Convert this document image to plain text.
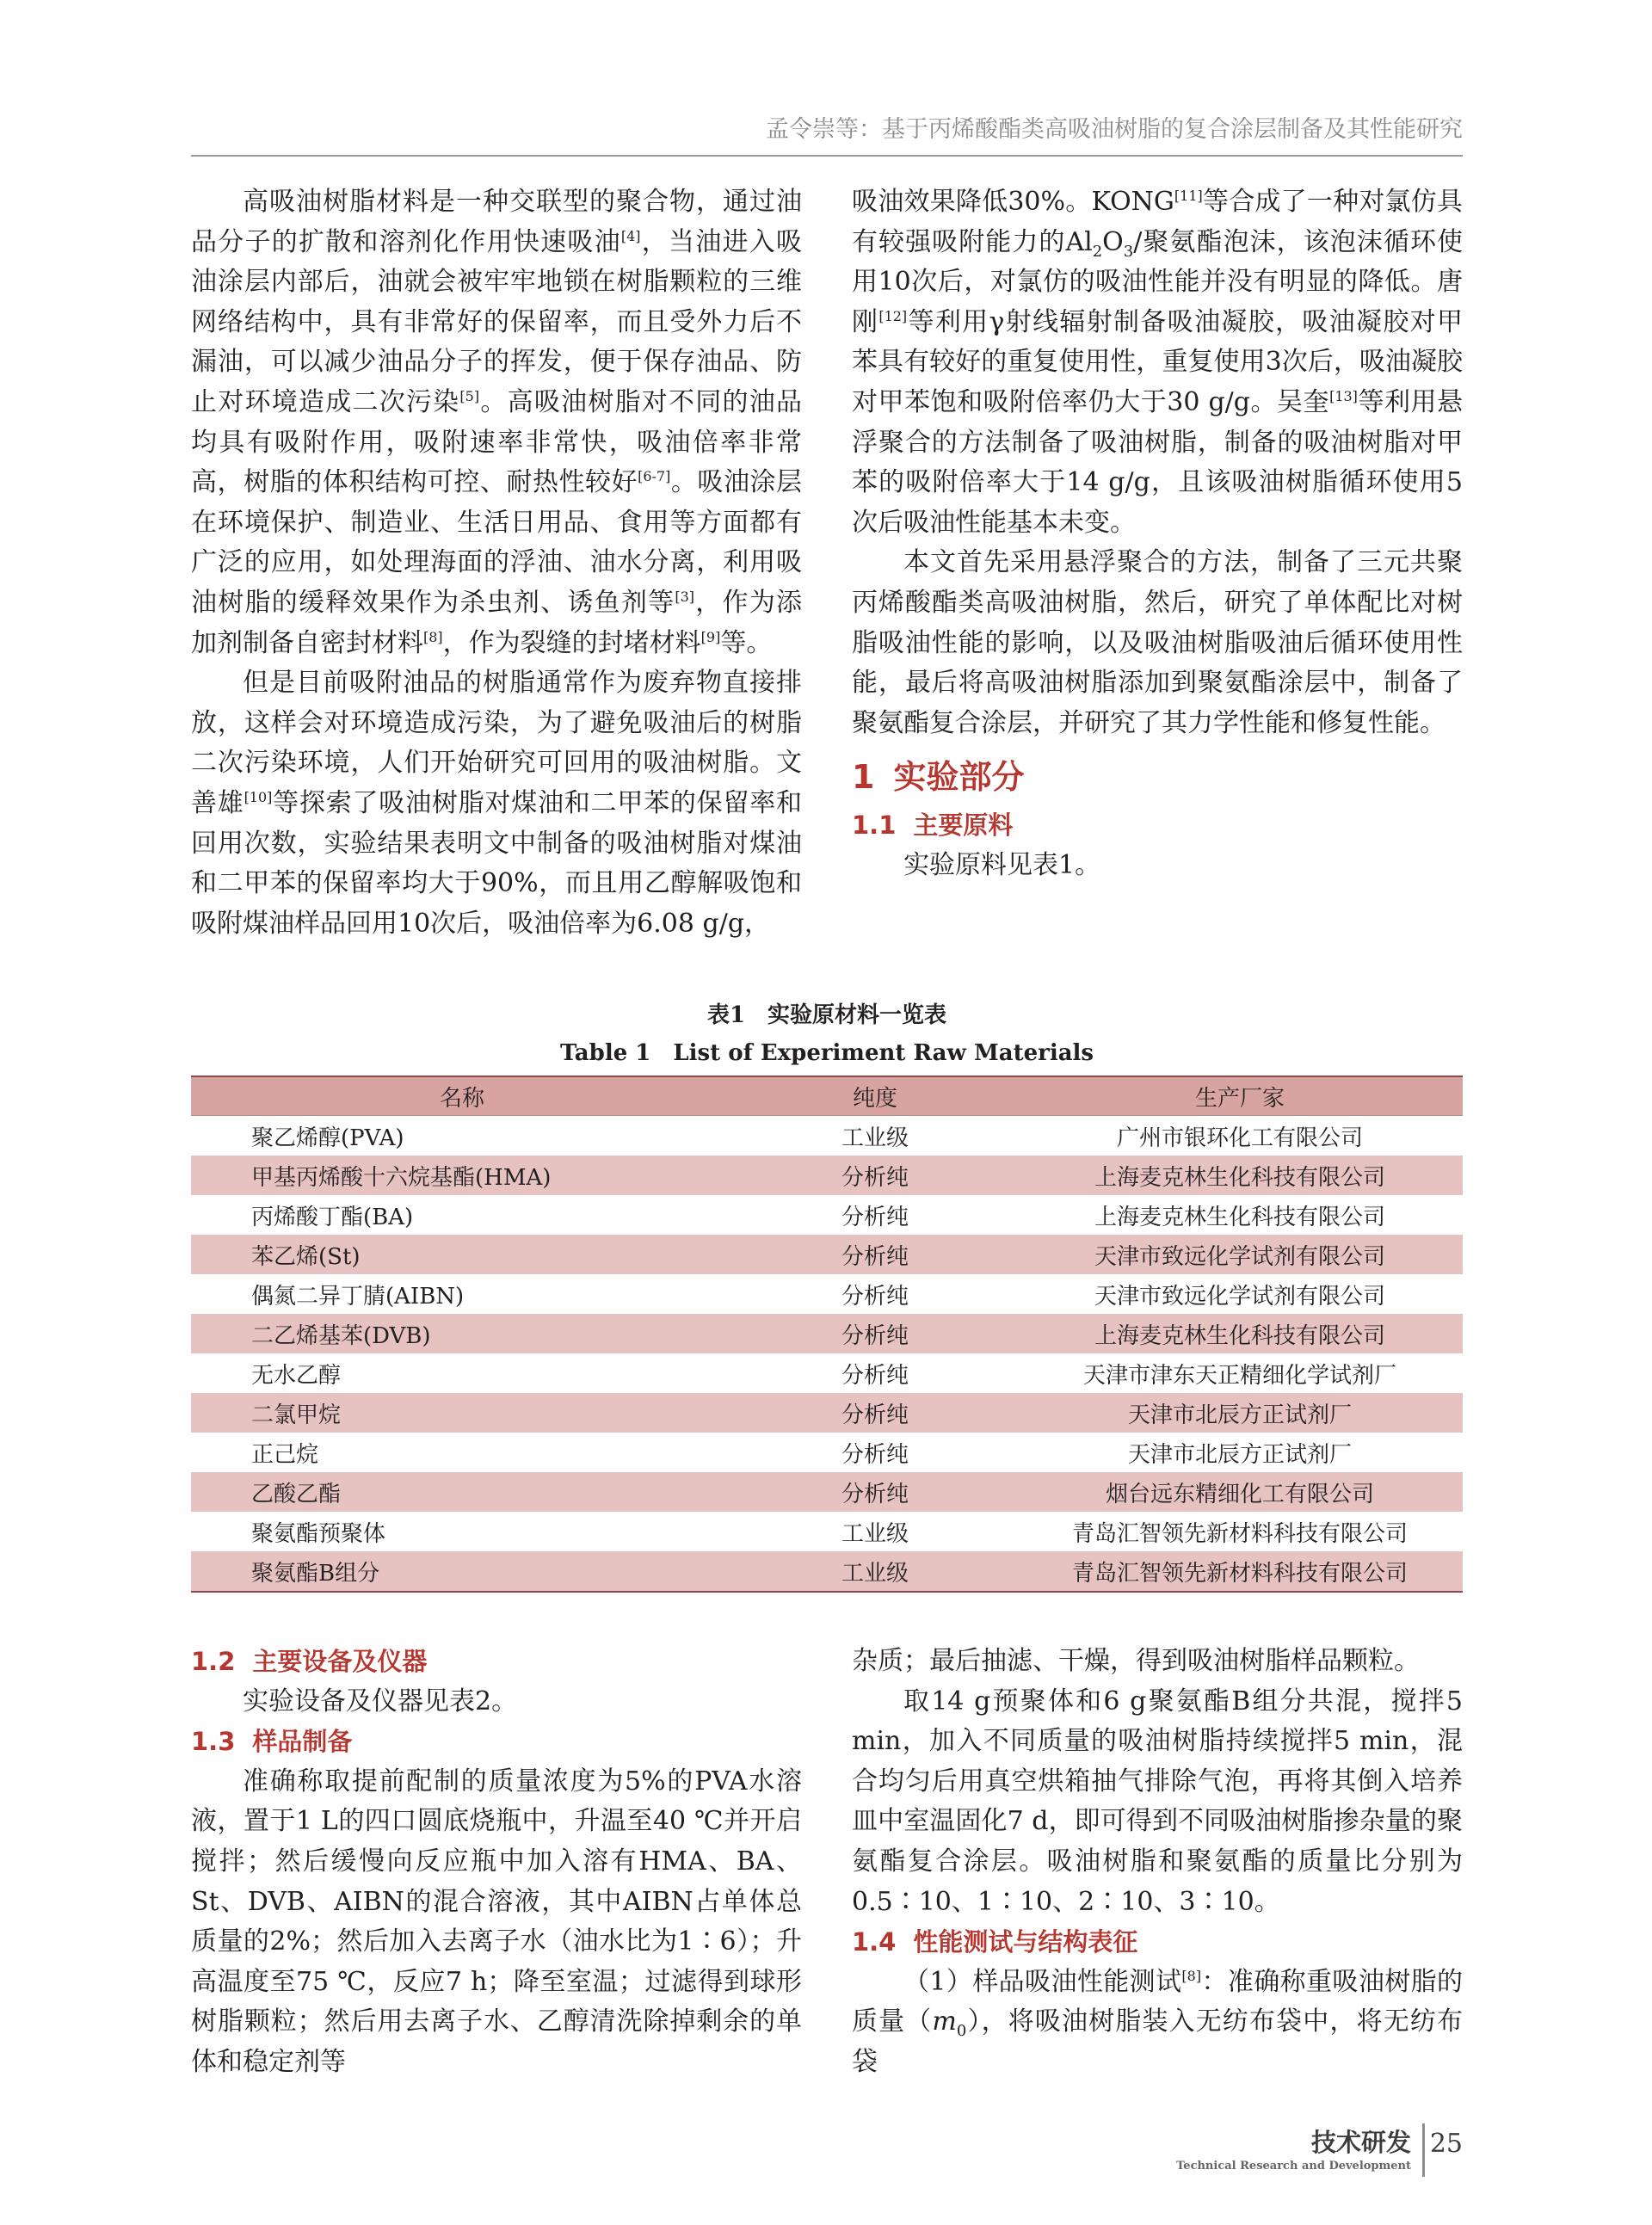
孟令崇等：基于丙烯酸酯类高吸油树脂的复合涂层制备及其性能研究

高吸油树脂材料是一种交联型的聚合物，通过油品分子的扩散和溶剂化作用快速吸油[4]，当油进入吸油涂层内部后，油就会被牢牢地锁在树脂颗粒的三维网络结构中，具有非常好的保留率，而且受外力后不漏油，可以减少油品分子的挥发，便于保存油品、防止对环境造成二次污染[5]。高吸油树脂对不同的油品均具有吸附作用，吸附速率非常快，吸油倍率非常高，树脂的体积结构可控、耐热性较好[6-7]。吸油涂层在环境保护、制造业、生活日用品、食用等方面都有广泛的应用，如处理海面的浮油、油水分离，利用吸油树脂的缓释效果作为杀虫剂、诱鱼剂等[3]，作为添加剂制备自密封材料[8]，作为裂缝的封堵材料[9]等。

但是目前吸附油品的树脂通常作为废弃物直接排放，这样会对环境造成污染，为了避免吸油后的树脂二次污染环境，人们开始研究可回用的吸油树脂。文善雄[10]等探索了吸油树脂对煤油和二甲苯的保留率和回用次数，实验结果表明文中制备的吸油树脂对煤油和二甲苯的保留率均大于90%，而且用乙醇解吸饱和吸附煤油样品回用10次后，吸油倍率为6.08 g/g，

吸油效果降低30%。KONG[11]等合成了一种对氯仿具有较强吸附能力的$Al_2O_3/$聚氨酯泡沫，该泡沫循环使用10次后，对氯仿的吸油性能并没有明显的降低。唐刚[12]等利用γ射线辐射制备吸油凝胶，吸油凝胶对甲苯具有较好的重复使用性，重复使用3次后，吸油凝胶对甲苯饱和吸附倍率仍大于30 g/g。吴奎[13]等利用悬浮聚合的方法制备了吸油树脂，制备的吸油树脂对甲苯的吸附倍率大于14 g/g，且该吸油树脂循环使用5次后吸油性能基本未变。

本文首先采用悬浮聚合的方法，制备了三元共聚丙烯酸酯类高吸油树脂，然后，研究了单体配比对树脂吸油性能的影响，以及吸油树脂吸油后循环使用性能，最后将高吸油树脂添加到聚氨酯涂层中，制备了聚氨酯复合涂层，并研究了其力学性能和修复性能。

1 实验部分
1.1 主要原料

实验原料见表1。

表1　实验原材料一览表
Table 1　List of Experiment Raw Materials
名称	纯度	生产厂家
聚乙烯醇(PVA)	工业级	广州市银环化工有限公司
甲基丙烯酸十六烷基酯(HMA)	分析纯	上海麦克林生化科技有限公司
丙烯酸丁酯(BA)	分析纯	上海麦克林生化科技有限公司
苯乙烯(St)	分析纯	天津市致远化学试剂有限公司
偶氮二异丁腈(AIBN)	分析纯	天津市致远化学试剂有限公司
二乙烯基苯(DVB)	分析纯	上海麦克林生化科技有限公司
无水乙醇	分析纯	天津市津东天正精细化学试剂厂
二氯甲烷	分析纯	天津市北辰方正试剂厂
正己烷	分析纯	天津市北辰方正试剂厂
乙酸乙酯	分析纯	烟台远东精细化工有限公司
聚氨酯预聚体	工业级	青岛汇智领先新材料科技有限公司
聚氨酯B组分	工业级	青岛汇智领先新材料科技有限公司
1.2 主要设备及仪器

实验设备及仪器见表2。

1.3 样品制备

准确称取提前配制的质量浓度为5%的PVA水溶液，置于1 L的四口圆底烧瓶中，升温至40 ℃并开启搅拌；然后缓慢向反应瓶中加入溶有HMA、BA、St、DVB、AIBN的混合溶液，其中AIBN占单体总质量的2%；然后加入去离子水（油水比为1∶6）；升高温度至75 ℃，反应7 h；降至室温；过滤得到球形树脂颗粒；然后用去离子水、乙醇清洗除掉剩余的单体和稳定剂等

杂质；最后抽滤、干燥，得到吸油树脂样品颗粒。

取14 g预聚体和6 g聚氨酯B组分共混，搅拌5 min，加入不同质量的吸油树脂持续搅拌5 min，混合均匀后用真空烘箱抽气排除气泡，再将其倒入培养皿中室温固化7 d，即可得到不同吸油树脂掺杂量的聚氨酯复合涂层。吸油树脂和聚氨酯的质量比分别为0.5∶10、1∶10、2∶10、3∶10。

1.4 性能测试与结构表征

（1）样品吸油性能测试[8]：准确称重吸油树脂的质量$(m_0)$，将吸油树脂装入无纺布袋中，将无纺布袋

技术研发
Technical Research and Development
25
